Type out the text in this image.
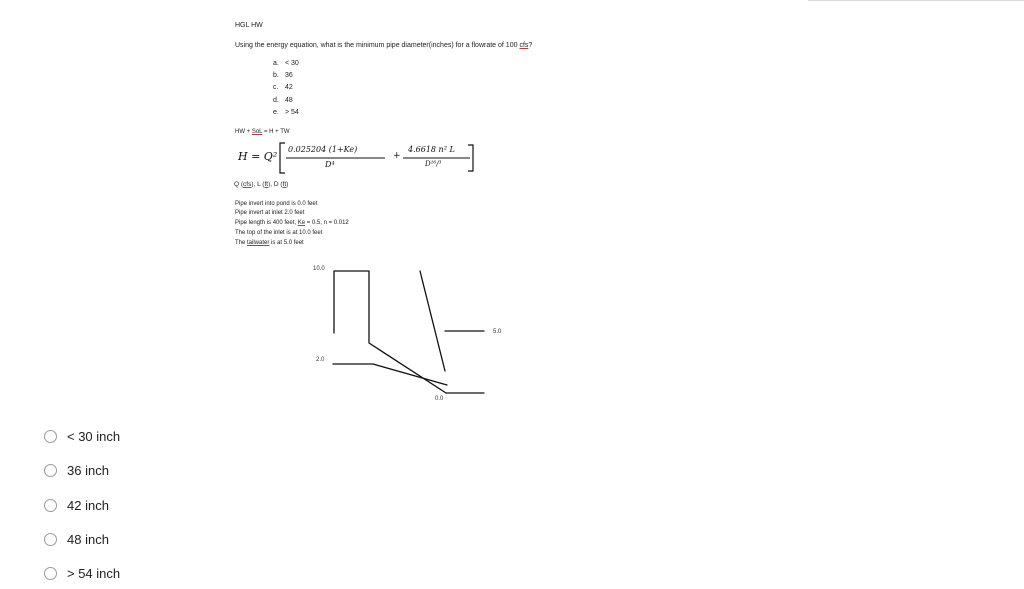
HGL HW
Using the energy equation, what is the minimum pipe diameter(inches) for a flowrate of 100 cfs?
a. < 30
b. 36
c. 42
d. 48
e. > 54
HW + SoL = H + TW
H = Q²
0.025204 (1+Ke)
D⁴
+
4.6618 n² L
D¹⁶/³
Q (cfs), L (ft), D (ft)
Pipe invert into pond is 0.0 feet
Pipe invert at inlet 2.0 feet
Pipe length is 400 feet, Ke = 0.5, n = 0.012
The top of the inlet is at 10.0 feet
The tailwater is at 5.0 feet
10.0
2.0
5.0
0.0
< 30 inch
36 inch
42 inch
48 inch
> 54 inch
